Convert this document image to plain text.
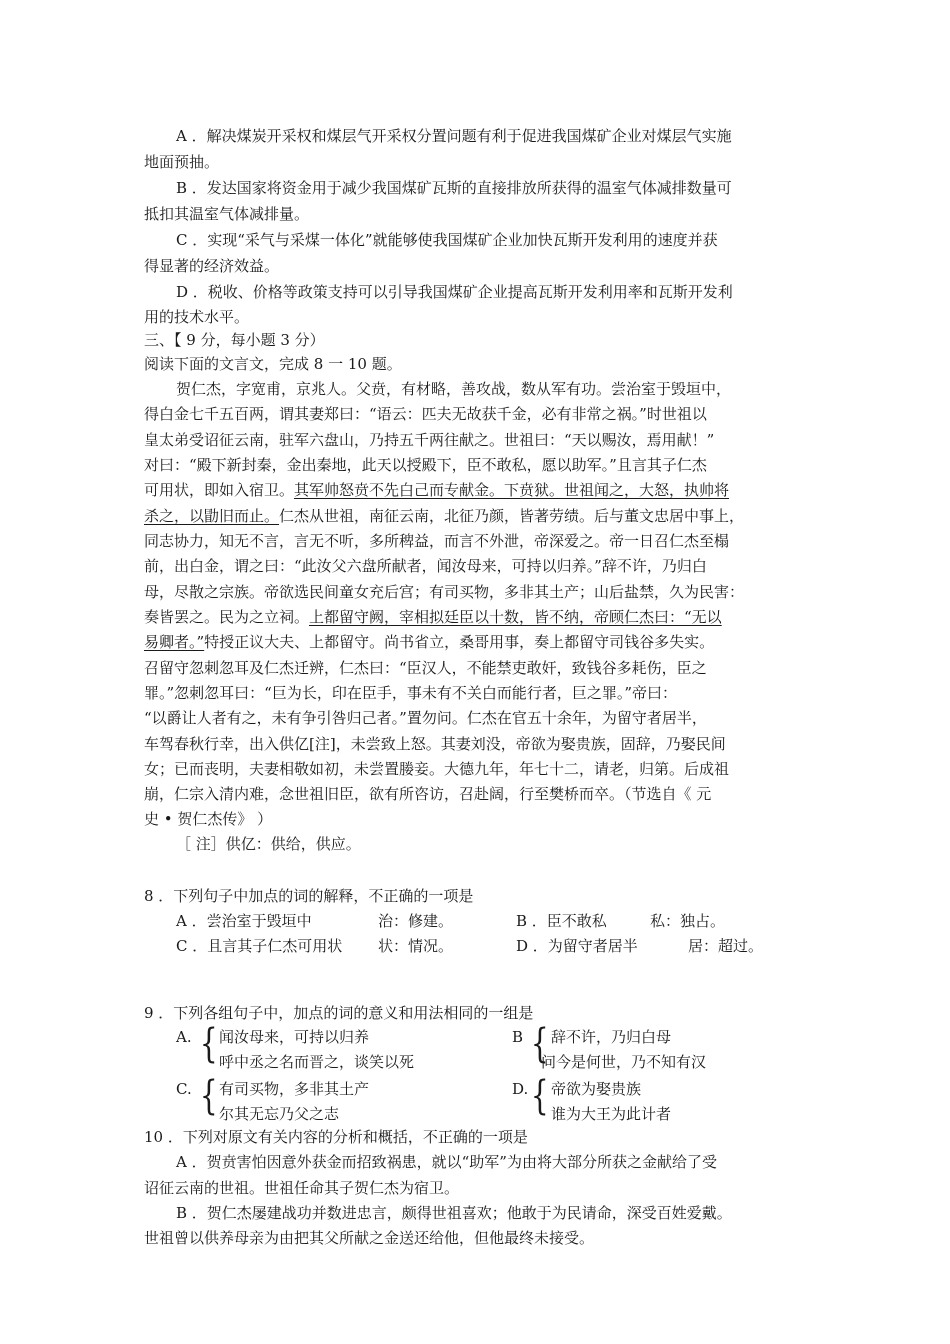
A ．解决煤炭开采权和煤层气开采权分置问题有利于促进我国煤矿企业对煤层气实施
地面预抽。
B ．发达国家将资金用于减少我国煤矿瓦斯的直接排放所获得的温室气体减排数量可
抵扣其温室气体减排量。
C ．实现“采气与采煤一体化”就能够使我国煤矿企业加快瓦斯开发利用的速度并获
得显著的经济效益。
D ．税收、价格等政策支持可以引导我国煤矿企业提高瓦斯开发利用率和瓦斯开发利
用的技术水平。
三、【 9 分，每小题 3 分）
阅读下面的文言文，完成 8 一 10 题。
贺仁杰，字宽甫，京兆人。父贲，有材略，善攻战，数从军有功。尝治室于毁垣中，
得白金七千五百两，谓其妻郑曰：“语云：匹夫无故获千金，必有非常之祸。”时世祖以
皇太弟受诏征云南，驻军六盘山，乃持五千两往献之。世祖曰：“天以赐汝，焉用献！”
对曰：“殿下新封秦，金出秦地，此天以授殿下，臣不敢私，愿以助军。”且言其子仁杰
可用状，即如入宿卫。其军帅怒贲不先白己而专献金。下贲狱。世祖闻之，大怒，执帅将
杀之，以勖旧而止。仁杰从世祖，南征云南，北征乃颜，皆著劳绩。后与董文忠居中事上，
同志协力，知无不言，言无不听，多所稗益，而言不外泄，帝深爱之。帝一日召仁杰至榻
前，出白金，谓之曰：“此汝父六盘所献者，闻汝母来，可持以归养。”辞不许，乃归白
母，尽散之宗族。帝欲选民间童女充后宫；有司买物，多非其土产；山后盐禁，久为民害：
奏皆罢之。民为之立祠。上都留守阙，宰相拟廷臣以十数，皆不纳，帝顾仁杰曰：“无以
易卿者。”特授正议大夫、上都留守。尚书省立，桑哥用事，奏上都留守司钱谷多失实。
召留守忽刺忽耳及仁杰迁辨，仁杰曰：“臣汉人，不能禁吏敢奸，致钱谷多耗伤，臣之
罪。”忽刺忽耳曰：“巨为长，印在臣手，事未有不关白而能行者，巨之罪。”帝曰：
“以爵让人者有之，未有争引咎归己者。”置勿问。仁杰在官五十余年，为留守者居半，
车驾春秋行幸，出入供亿[注]，未尝致上怒。其妻刘没，帝欲为娶贵族，固辞，乃娶民间
女；已而丧明，夫妻相敬如初，未尝置媵妾。大德九年，年七十二，请老，归第。后成祖
崩，仁宗入清内难，念世祖旧臣，欲有所咨访，召赴阔，行至樊桥而卒。（节选自《 元
史 • 贺仁杰传》 ）
［ 注］供亿：供给，供应。
8 ．下列句子中加点的词的解释，不正确的一项是
A ．尝治室于毁垣中	治：修建。	B ．臣不敢私	私：独占。
C ．且言其子仁杰可用状 状：情况。	D ．为留守者居半	居：超过。
9 ．下列各组句子中，加点的词的意义和用法相同的一组是
A. { 闻汝母来，可持以归养
呼中丞之名而晋之，谈笑以死
B { 辞不许，乃归白母
问今是何世，乃不知有汉
C. { 有司买物，多非其土产
尔其无忘乃父之志
D. { 帝欲为娶贵族
谁为大王为此计者
10 ．下列对原文有关内容的分析和概括，不正确的一项是
A ．贺贲害怕因意外获金而招致祸患，就以“助军”为由将大部分所获之金献给了受
诏征云南的世祖。世祖任命其子贺仁杰为宿卫。
B ．贺仁杰屡建战功并数进忠言，颇得世祖喜欢；他敢于为民请命，深受百姓爱戴。
世祖曾以供养母亲为由把其父所献之金送还给他，但他最终未接受。
